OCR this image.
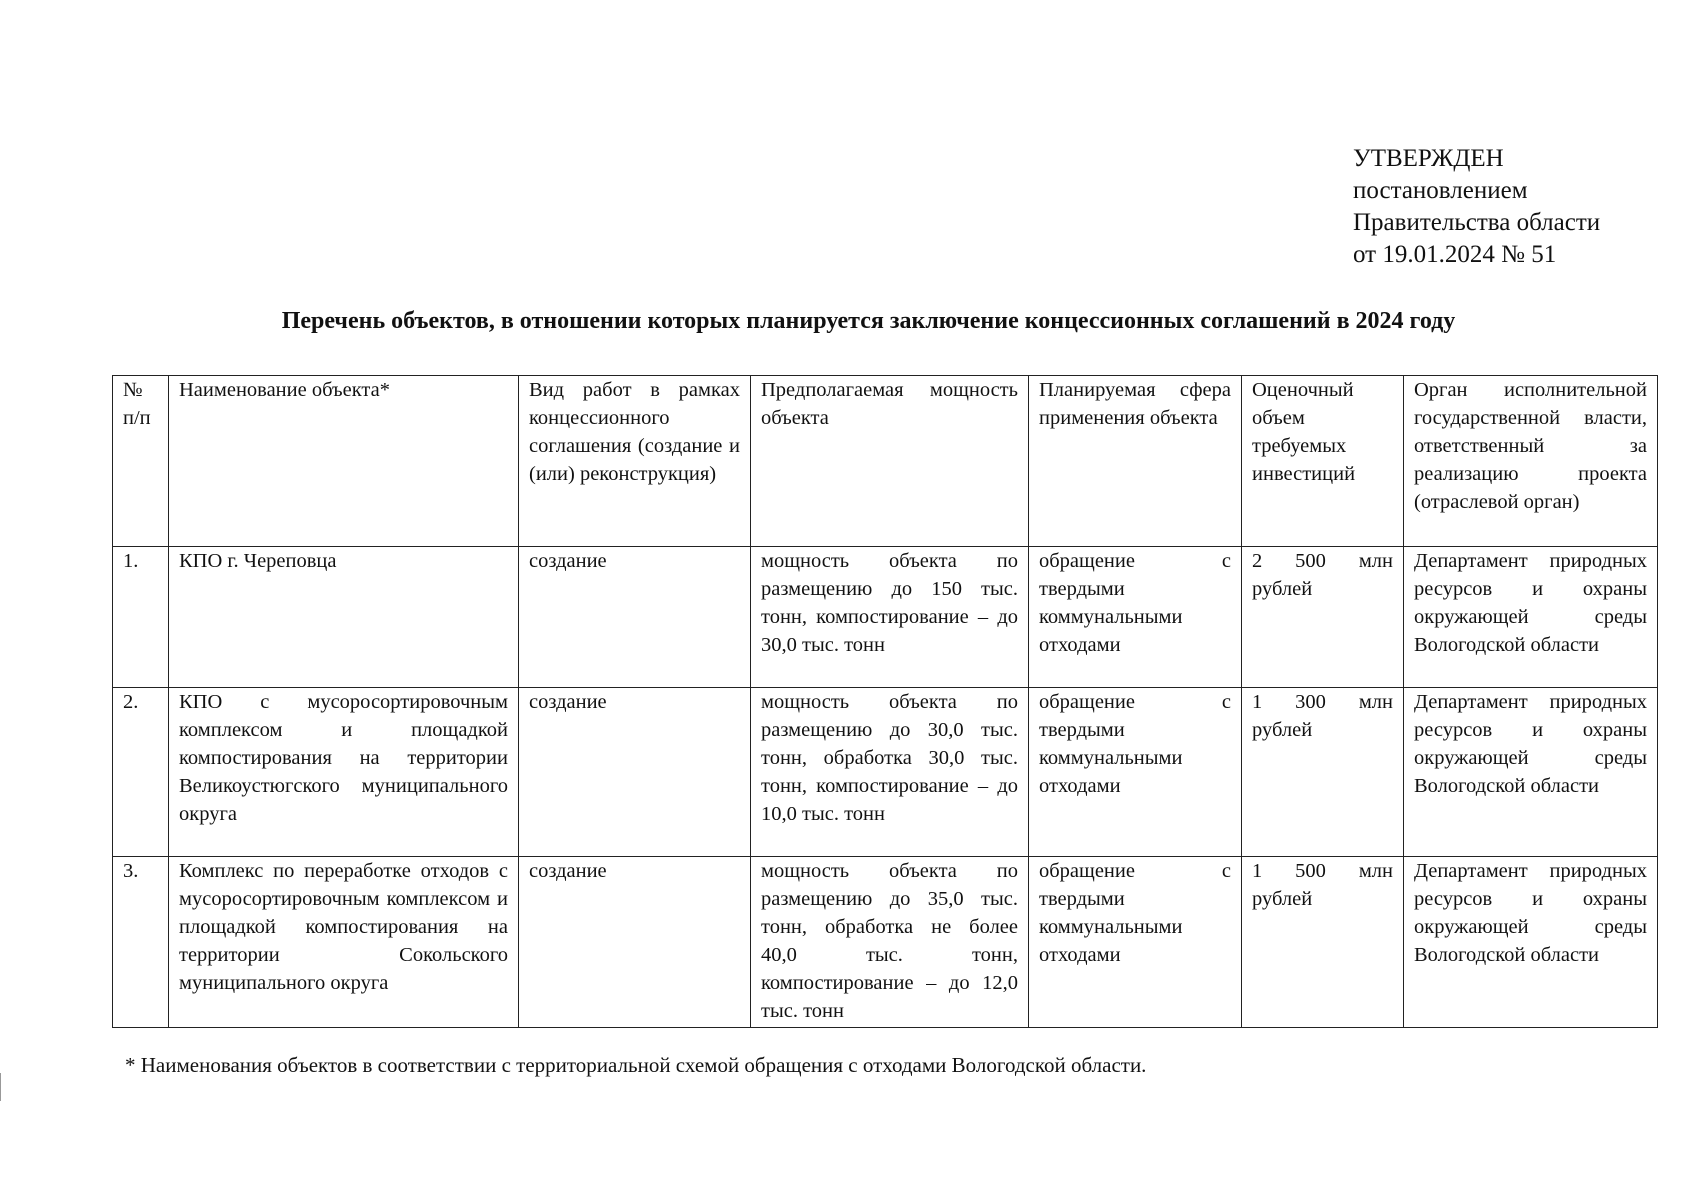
УТВЕРЖДЕН
постановлением
Правительства области
от 19.01.2024 № 51
Перечень объектов, в отношении которых планируется заключение концессионных соглашений в 2024 году
№ п/п	Наименование объекта*	Вид работ в рамках концессионного соглашения (создание и (или) реконструкция)	Предполагаемая мощность объекта	Планируемая сфера применения объекта	Оценочный объем требуемых инвестиций	Орган исполнительной государственной власти, ответственный за реализацию проекта (отраслевой орган)
1.	КПО г. Череповца	создание	мощность объекта по размещению до 150 тыс. тонн, компостирование – до 30,0 тыс. тонн	обращение с твердыми коммунальными отходами	2 500 млн рублей	Департамент природных ресурсов и охраны окружающей среды Вологодской области
2.	КПО с мусоросортировочным комплексом и площадкой компостирования на территории Великоустюгского муниципального округа	создание	мощность объекта по размещению до 30,0 тыс. тонн, обработка 30,0 тыс. тонн, компостирование – до 10,0 тыс. тонн	обращение с твердыми коммунальными отходами	1 300 млн рублей	Департамент природных ресурсов и охраны окружающей среды Вологодской области
3.	Комплекс по переработке отходов с мусоросортировочным комплексом и площадкой компостирования на территории Сокольского муниципального округа	создание	мощность объекта по размещению до 35,0 тыс. тонн, обработка не более 40,0 тыс. тонн, компостирование – до 12,0 тыс. тонн	обращение с твердыми коммунальными отходами	1 500 млн рублей	Департамент природных ресурсов и охраны окружающей среды Вологодской области
* Наименования объектов в соответствии с территориальной схемой обращения с отходами Вологодской области.
